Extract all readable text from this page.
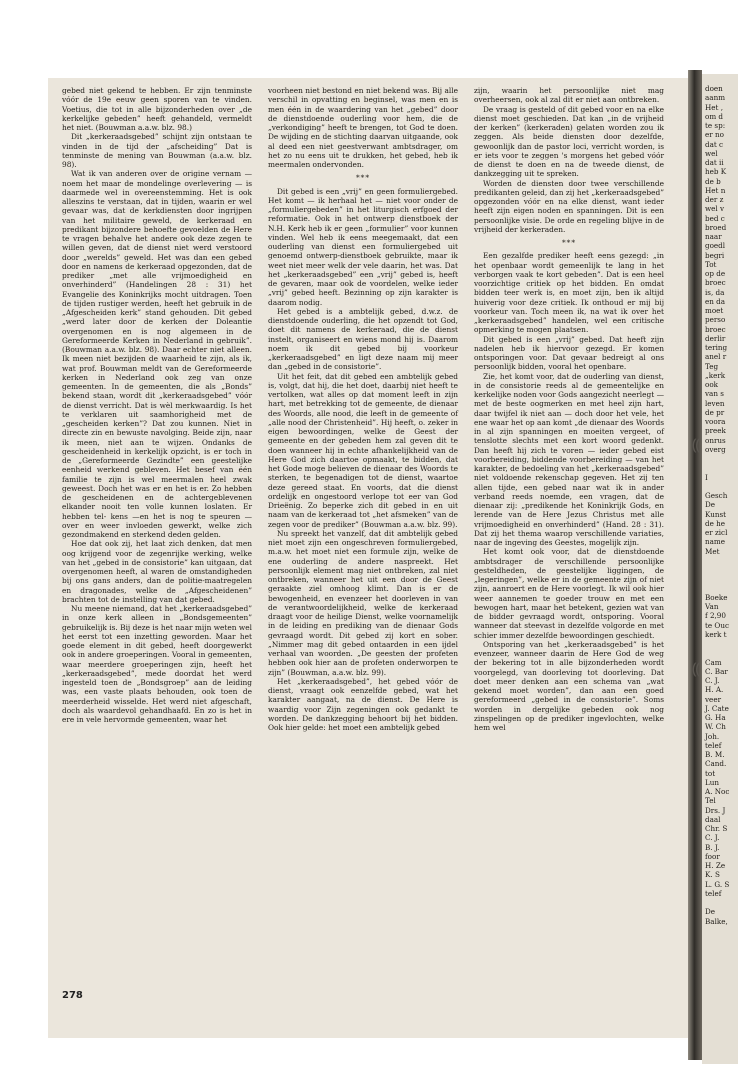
gebed niet gekend te hebben. Er zijn tenminste vóór de 19e eeuw geen sporen van te vinden. Voetius, die tot in alle bijzonderheden over „de kerkelijke gebeden” heeft gehandeld, vermeldt het niet. (Bouwman a.a.w. blz. 98.)

Dit „kerkeraadsgebed” schijnt zijn ontstaan te vinden in de tijd der „afscheiding” Dat is tenminste de mening van Bouwman (a.a.w. blz. 98).

Wat ik van anderen over de origine vernam — noem het maar de mondelinge overlevering — is daarmede wel in overeenstemming. Het is ook alleszins te verstaan, dat in tijden, waarin er wel gevaar was, dat de kerkdiensten door ingrijpen van het militaire geweld, de kerkeraad en predikant bijzondere behoefte gevoelden de Here te vragen behalve het andere ook deze zegen te willen geven, dat de dienst niet werd verstoord door „werelds” geweld. Het was dan een gebed door en namens de kerkeraad opgezonden, dat de prediker „met alle vrijmoedigheid en onverhinderd” (Handelingen 28 : 31) het Evangelie des Koninkrijks mocht uitdragen. Toen de tijden rustiger werden, heeft het gebruik in de „Afgescheiden kerk” stand gehouden. Dit gebed „werd later door de kerken der Doleantie overgenomen en is nog algemeen in de Gereformeerde Kerken in Nederland in gebruik”. (Bouwman a.a.w. blz. 98). Daar echter niet alleen. Ik meen niet bezijden de waarheid te zijn, als ik, wat prof. Bouwman meldt van de Gereformeerde kerken in Nederland ook zeg van onze gemeenten. In de gemeenten, die als „Bonds” bekend staan, wordt dit „kerkeraadsgebed” vóór de dienst verricht. Dat is wèl merkwaardig. Is het te verklaren uit saamhorigheid met de „gescheiden kerken”? Dat zou kunnen. Niet in directe zin en bewuste navolging. Beide zijn, naar ik meen, niet aan te wijzen. Ondanks de gescheidenheid in kerkelijk opzicht, is er toch in de „Gereformeerde Gezindte” een geestelijke eenheid werkend gebleven. Het besef van één familie te zijn is wel meermalen heel zwak geweest. Doch het was er en het is er. Zo hebben de gescheidenen en de achtergeblevenen elkander nooit ten volle kunnen loslaten. Er hebben tel- kens —en het is nog te speuren — over en weer invloeden gewerkt, welke zich gezondmakend en sterkend deden gelden.

Hoe dat ook zij, het laat zich denken, dat men oog krijgend voor de zegenrijke werking, welke van het „gebed in de consistorie” kan uitgaan, dat overgenomen heeft, al waren de omstandigheden bij ons gans anders, dan de politie-maatregelen en dragonades, welke de „Afgescheidenen” brachten tot de instelling van dat gebed.

Nu meene niemand, dat het „kerkeraadsgebed” in onze kerk alleen in „Bondsgemeenten” gebruikelijk is. Bij deze is het naar mijn weten wel het eerst tot een inzetting geworden. Maar het goede element in dit gebed, heeft doorgewerkt ook in andere groeperingen. Vooral in gemeenten, waar meerdere groeperingen zijn, heeft het „kerkeraadsgebed”, mede doordat het werd ingesteld toen de „Bondsgroep” aan de leiding was, een vaste plaats behouden, ook toen de meerderheid wisselde. Het werd niet afgeschaft, doch als waardevol gehandhaafd. En zo is het in ere in vele hervormde gemeenten, waar het

voorheen niet bestond en niet bekend was. Bij alle verschil in opvatting en beginsel, was men en is men één in de waardering van het „gebed” door de dienstdoende ouderling voor hem, die de „verkondiging” heeft te brengen, tot God te doen. De wijding en de stichting daarvan uitgaande, ook al deed een niet geestverwant ambtsdrager, om het zo nu eens uit te drukken, het gebed, heb ik meermalen ondervonden.

***

Dit gebed is een „vrij” en geen formuliergebed. Het komt — ik herhaal het — niet voor onder de „formuliergebeden” in het liturgisch erfgoed der reformatie. Ook in het ontwerp dienstboek der N.H. Kerk heb ik er geen „formulier” voor kunnen vinden. Wel heb ik eens meegemaakt, dat een ouderling van dienst een formuliergebed uit genoemd ontwerp-dienstboek gebruikte, maar ik weet niet meer welk der vele daarin, het was. Dat het „kerkeraadsgebed” een „vrij” gebed is, heeft de gevaren, maar ook de voordelen, welke ieder „vrij” gebed heeft. Bezinning op zijn karakter is daarom nodig.

Het gebed is a ambtelijk gebed, d.w.z. de dienstdoende ouderling, die het opzendt tot God, doet dit namens de kerkeraad, die de dienst instelt, organiseert en wiens mond hij is. Daarom noem ik dit gebed bij voorkeur „kerkeraadsgebed” en ligt deze naam mij meer dan „gebed in de consistorie”.

Uit het feit, dat dit gebed een ambtelijk gebed is, volgt, dat hij, die het doet, daarbij niet heeft te vertolken, wat alles op dat moment leeft in zijn hart, met betrekking tot de gemeente, de dienaar des Woords, alle nood, die leeft in de gemeente of „alle nood der Christenheid”. Hij heeft, o. zeker in eigen bewoordingen, welke de Geest der gemeente en der gebeden hem zal geven dit te doen wanneer hij in echte afhankelijkheid van de Here God zich daartoe opmaakt, te bidden, dat het Gode moge believen de dienaar des Woords te sterken, te begenadigen tot de dienst, waartoe deze gereed staat. En voorts, dat die dienst ordelijk en ongestoord verlope tot eer van God Drieënig. Zo beperke zich dit gebed in en uit naam van de kerkeraad tot „het afsmeken” van de zegen voor de prediker” (Bouwman a.a.w. blz. 99).

Nu spreekt het vanzelf, dat dit ambtelijk gebed niet moet zijn een ongeschreven formuliergebed, m.a.w. het moet niet een formule zijn, welke de ene ouderling de andere naspreekt. Het persoonlijk element mag niet ontbreken, zal niet ontbreken, wanneer het uit een door de Geest geraakte ziel omhoog klimt. Dan is er de bewogenheid, en evenzeer het doorleven in van de verantwoordelijkheid, welke de kerkeraad draagt voor de heilige Dienst, welke voornamelijk in de leiding en prediking van de dienaar Gods gevraagd wordt. Dit gebed zij kort en sober. „Nimmer mag dit gebed ontaarden in een ijdel verhaal van woorden. „De geesten der profeten hebben ook hier aan de profeten onderworpen te zijn” (Bouwman, a.a.w. blz. 99).

Het „kerkeraadsgebed”, het gebed vóór de dienst, vraagt ook eenzelfde gebed, wat het karakter aangaat, na de dienst. De Here is waardig voor Zijn zegeningen ook gedankt te worden. De dankzegging behoort bij het bidden. Ook hier gelde: het moet een ambtelijk gebed

zijn, waarin het persoonlijke niet mag overheersen, ook al zal dit er niet aan ontbreken.

De vraag is gesteld of dit gebed voor en na elke dienst moet geschieden. Dat kan „in de vrijheid der kerken” (kerkeraden) gelaten worden zou ik zeggen. Als beide diensten door dezelfde, gewoonlijk dan de pastor loci, verricht worden, is er iets voor te zeggen 's morgens het gebed vóór de dienst te doen en na de tweede dienst, de dankzegging uit te spreken.

Worden de diensten door twee verschillende predikanten geleid, dan zij het „kerkeraadsgebed” opgezonden vóór en na elke dienst, want ieder heeft zijn eigen noden en spanningen. Dit is een persoonlijke visie. De orde en regeling blijve in de vrijheid der kerkeraden.

***

Een gezalfde prediker heeft eens gezegd: „in het openbaar wordt gemeenlijk te lang in het verborgen vaak te kort gebeden”. Dat is een heel voorzichtige critiek op het bidden. En omdat bidden teer werk is, en moet zijn, ben ik altijd huiverig voor deze critiek. Ik onthoud er mij bij voorkeur van. Toch meen ik, na wat ik over het „kerkeraadsgebed” handelen, wel een critische opmerking te mogen plaatsen.

Dit gebed is een „vrij” gebed. Dat heeft zijn nadelen heb ik hiervoor gezegd. Er komen ontsporingen voor. Dat gevaar bedreigt al ons persoonlijk bidden, vooral het openbare.

Zie, het komt voor, dat de ouderling van dienst, in de consistorie reeds al de gemeentelijke en kerkelijke noden voor Gods aangezicht neerlegt — met de beste oogmerken en met heel zijn hart, daar twijfel ik niet aan — doch door het vele, het ene waar het op aan komt „de dienaar des Woords in al zijn spanningen en moeiten vergeet, of tenslotte slechts met een kort woord gedenkt. Dan heeft hij zich te voren — ieder gebed eist voorbereiding, biddende voorbereiding — van het karakter, de bedoeling van het „kerkeraadsgebed” niet voldoende rekenschap gegeven. Het zij ten allen tijde, een gebed naar wat ik in ander verband reeds noemde, een vragen, dat de dienaar zij: „predikende het Koninkrijk Gods, en lerende van de Here Jezus Christus met alle vrijmoedigheid en onverhinderd” (Hand. 28 : 31). Dat zij het thema waarop verschillende variaties, naar de ingeving des Geestes, mogelijk zijn.

Het komt ook voor, dat de dienstdoende ambtsdrager de verschillende persoonlijke gesteldheden, de geestelijke liggingen, de „legeringen”, welke er in de gemeente zijn of niet zijn, aanroert en de Here voorlegt. Ik wil ook hier weer aannemen te goeder trouw en met een bewogen hart, maar het betekent, gezien wat van de bidder gevraagd wordt, ontsporing. Vooral wanneer dat steevast in dezelfde volgorde en met schier immer dezelfde bewoordingen geschiedt.

Ontsporing van het „kerkeraadsgebed” is het evenzeer, wanneer daarin de Here God de weg der bekering tot in alle bijzonderheden wordt voorgelegd, van doorleving tot doorleving. Dat doet meer denken aan een schema van „wat gekend moet worden”, dan aan een goed gereformeerd „gebed in de consistorie”. Soms worden in dergelijke gebeden ook nog zinspelingen op de prediker ingevlochten, welke hem wel

278
doen
aanm
Het ,
om d
te sp:
er no
dat c
wel
dat ii
heb K
de b
Het n
der z
wel v
bed c
broed
naar
goedl
begri
Tot
op de
broec
is, da
en da
moet
perso
broec
derlir
tering
anel r
Teg
„kerk
ook
van s
leven
de pr
voora
preek
onrus
overg
I
Gesch
De
Kunst
de he
er zicl
name
Met
Boeke
Van
f 2,90
te Ouc
kerk t
Cam
C. Bar
C. J.
H. A.
veer
J. Cate
G. Ha
W. Ch
Joh.
telef
B. M.
Cand.
tot
Lun
A. Noc
Tel
Drs. J
daal
Chr. S
C. J.
B. J.
foor
H. Ze
K. S
L. G. S
telef
De
Balke,
⸨
⸨
